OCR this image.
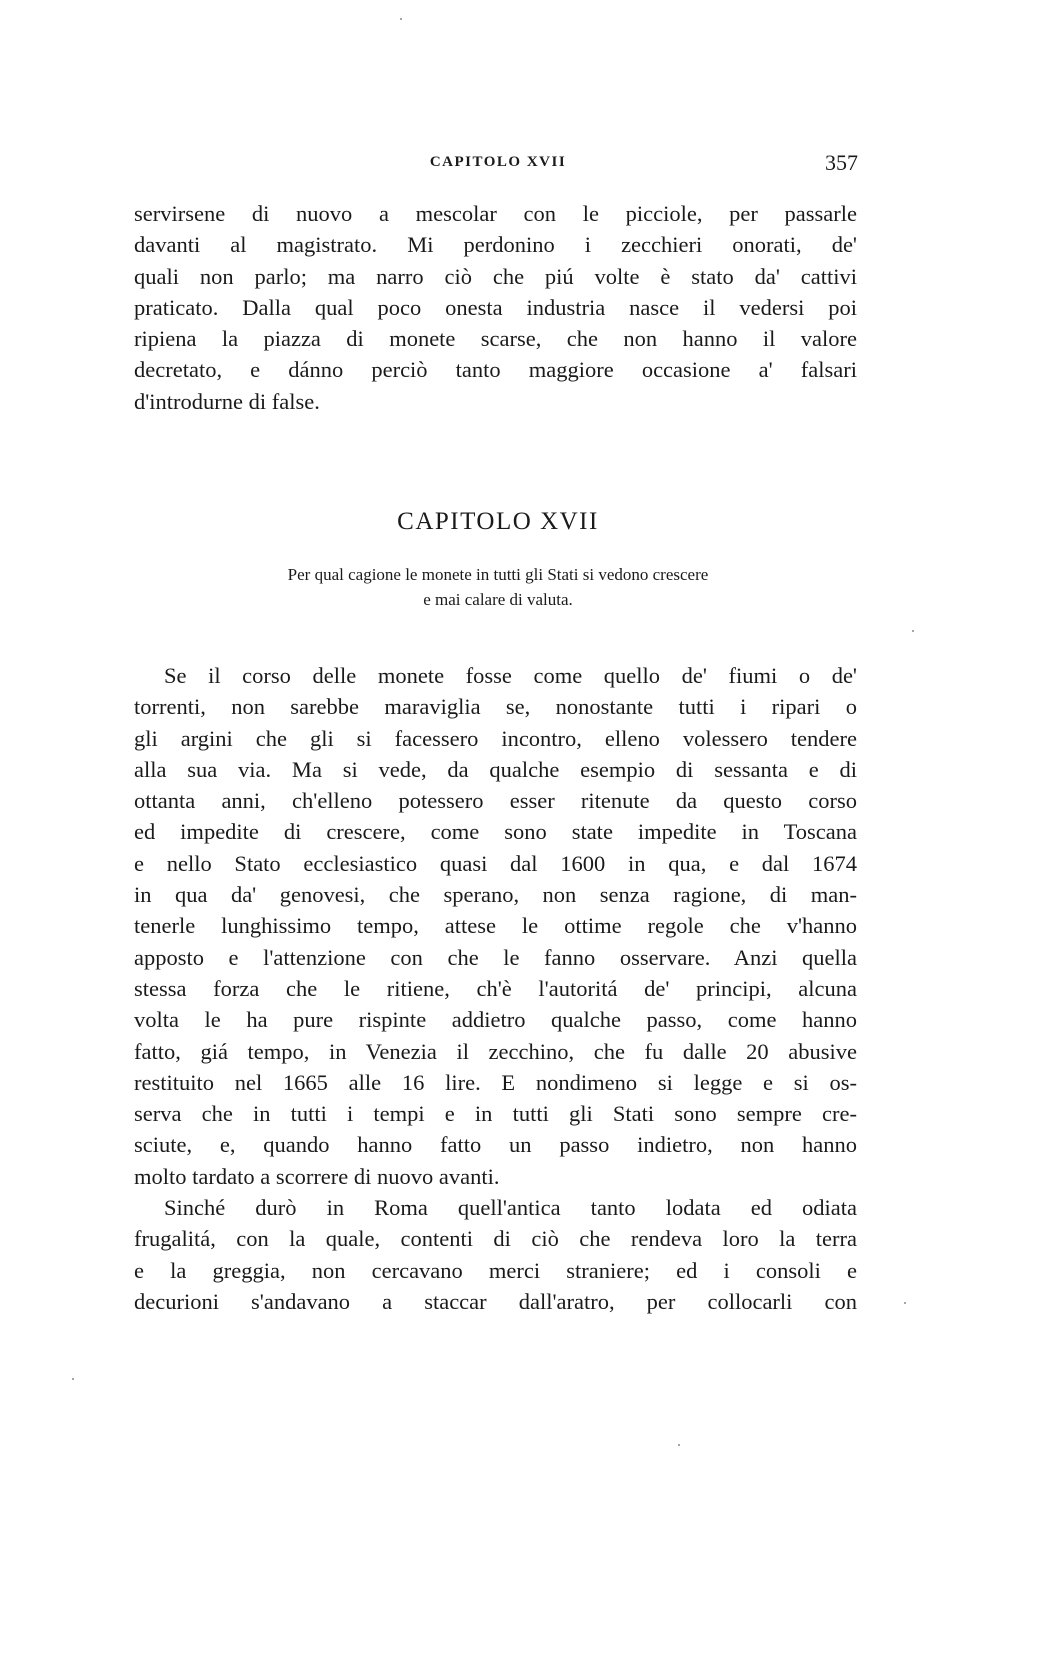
CAPITOLO XVII	357

servirsene di nuovo a mescolar con le picciole, per passarle
davanti al magistrato. Mi perdonino i zecchieri onorati, de'
quali non parlo; ma narro ciò che piú volte è stato da' cattivi
praticato. Dalla qual poco onesta industria nasce il vedersi poi
ripiena la piazza di monete scarse, che non hanno il valore
decretato, e dánno perciò tanto maggiore occasione a' falsari
d'introdurne di false.

CAPITOLO XVII
Per qual cagione le monete in tutti gli Stati si vedono crescere
e mai calare di valuta.

Se il corso delle monete fosse come quello de' fiumi o de'
torrenti, non sarebbe maraviglia se, nonostante tutti i ripari o
gli argini che gli si facessero incontro, elleno volessero tendere
alla sua via. Ma si vede, da qualche esempio di sessanta e di
ottanta anni, ch'elleno potessero esser ritenute da questo corso
ed impedite di crescere, come sono state impedite in Toscana
e nello Stato ecclesiastico quasi dal 1600 in qua, e dal 1674
in qua da' genovesi, che sperano, non senza ragione, di man-
tenerle lunghissimo tempo, attese le ottime regole che v'hanno
apposto e l'attenzione con che le fanno osservare. Anzi quella
stessa forza che le ritiene, ch'è l'autoritá de' principi, alcuna
volta le ha pure rispinte addietro qualche passo, come hanno
fatto, giá tempo, in Venezia il zecchino, che fu dalle 20 abusive
restituito nel 1665 alle 16 lire. E nondimeno si legge e si os-
serva che in tutti i tempi e in tutti gli Stati sono sempre cre-
sciute, e, quando hanno fatto un passo indietro, non hanno
molto tardato a scorrere di nuovo avanti.

Sinché durò in Roma quell'antica tanto lodata ed odiata
frugalitá, con la quale, contenti di ciò che rendeva loro la terra
e la greggia, non cercavano merci straniere; ed i consoli e
decurioni s'andavano a staccar dall'aratro, per collocarli con
